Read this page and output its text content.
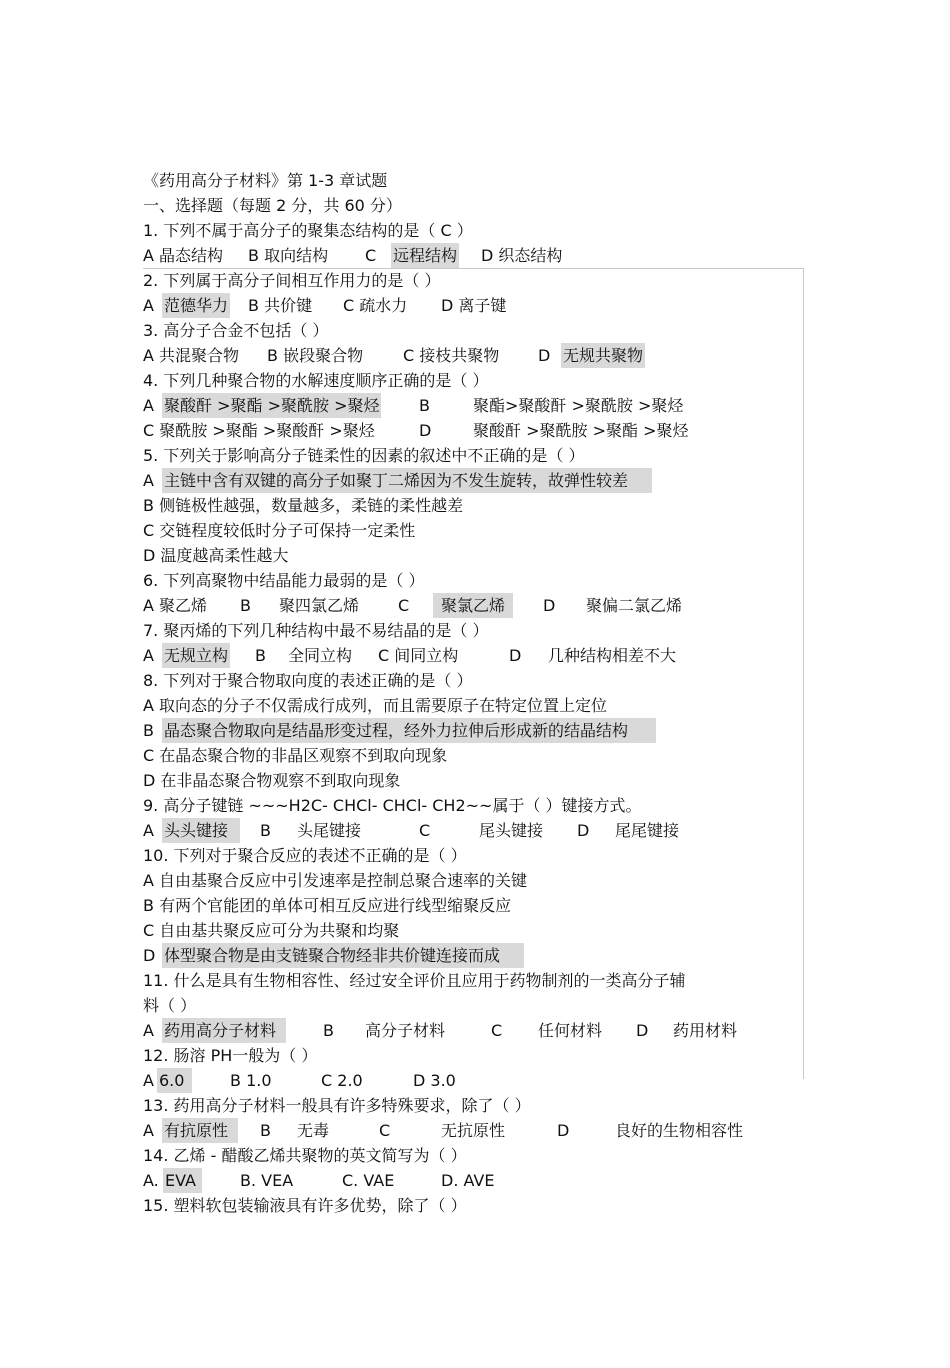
《药用高分子材料》第 1-3 章试题
一、选择题（每题 2 分，共 60 分）
1. 下列不属于高分子的聚集态结构的是（ C ）

A 晶态结构

B 取向结构

C

远程结构

D 织态结构

2. 下列属于高分子间相互作用力的是（ ）

A

范德华力

B 共价键

C 疏水力

D 离子键

3. 高分子合金不包括（ ）

A 共混聚合物

B 嵌段聚合物

C 接枝共聚物

D

无规共聚物

4. 下列几种聚合物的水解速度顺序正确的是（ ）

A

聚酸酐 >聚酯 >聚酰胺 >聚烃

B

	聚酯>聚酸酐 >聚酰胺 >聚烃

C 聚酰胺 >聚酯 >聚酸酐 >聚烃

	D

	聚酸酐 >聚酰胺 >聚酯 >聚烃

5. 下列关于影响高分子链柔性的因素的叙述中不正确的是（ ）

A

主链中含有双键的高分子如聚丁二烯因为不发生旋转，故弹性较差

B 侧链极性越强，数量越多，柔链的柔性越差
C 交链程度较低时分子可保持一定柔性
D 温度越高柔性越大
6. 下列高聚物中结晶能力最弱的是（ ）

A 聚乙烯

B

聚四氯乙烯

C

	聚氯乙烯

	D

聚偏二氯乙烯

7. 聚丙烯的下列几种结构中最不易结晶的是（ ）

A

无规立构

B

全同立构

C 间同立构

	D

几种结构相差不大

8. 下列对于聚合物取向度的表述正确的是（ ）
A 取向态的分子不仅需成行成列，而且需要原子在特定位置上定位

B

晶态聚合物取向是结晶形变过程，经外力拉伸后形成新的结晶结构

C 在晶态聚合物的非晶区观察不到取向现象
D 在非晶态聚合物观察不到取向现象
9. 高分子键链 ~~~H2C- CHCl- CHCl- CH2~~属于（ ）键接方式。

A

头头键接

	B

头尾键接

	C

	尾头键接

D

尾尾键接

10. 下列对于聚合反应的表述不正确的是（ ）
A 自由基聚合反应中引发速率是控制总聚合速率的关键
B 有两个官能团的单体可相互反应进行线型缩聚反应
C 自由基共聚反应可分为共聚和均聚

D

体型聚合物是由支链聚合物经非共价键连接而成

11. 什么是具有生物相容性、经过安全评价且应用于药物制剂的一类高分子辅
料（ ）

A

药用高分子材料

	B

高分子材料

	C

任何材料

D

药用材料

12. 肠溶 PH一般为（ ）

A

6.0

	B 1.0

	C 2.0

	D 3.0

13. 药用高分子材料一般具有许多特殊要求，除了（ ）

A

有抗原性

	B

无毒

	C

	无抗原性

	D

	良好的生物相容性

14. 乙烯 - 醋酸乙烯共聚物的英文简写为（ ）

A.

EVA

	B. VEA

	C. VAE

	D. AVE

15. 塑料软包装输液具有许多优势，除了（ ）
